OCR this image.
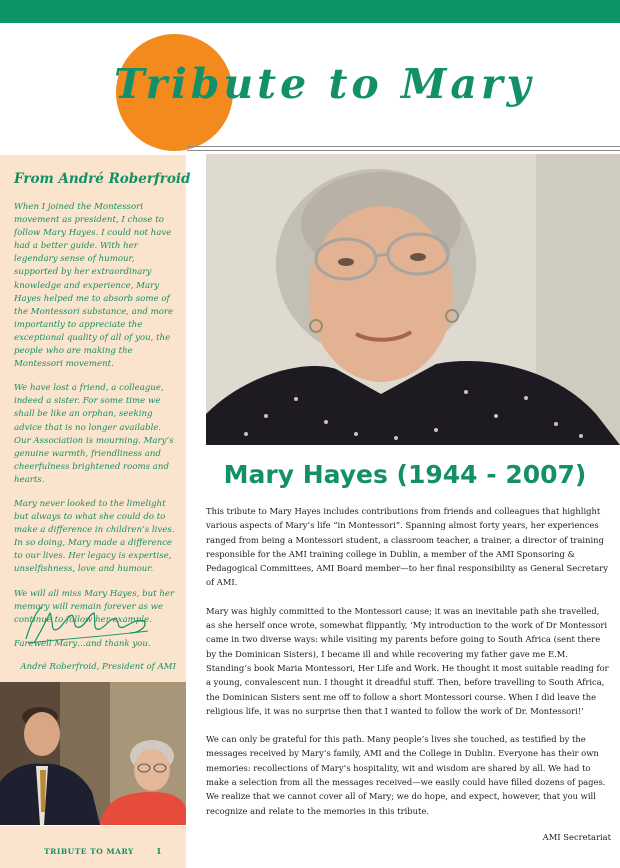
Tribute to Mary
From André Roberfroid

When I joined the Montessori movement as president, I chose to follow Mary Hayes. I could not have had a better guide. With her legendary sense of humour, supported by her extraordinary knowledge and experience, Mary Hayes helped me to absorb some of the Montessori substance, and more importantly to appreciate the exceptional quality of all of you, the people who are making the Montessori movement.

We have lost a friend, a colleague, indeed a sister. For some time we shall be like an orphan, seeking advice that is no longer available. Our Association is mourning. Mary’s genuine warmth, friendliness and cheerfulness brightened rooms and hearts.

Mary never looked to the limelight but always to what she could do to make a difference in children’s lives. In so doing, Mary made a difference to our lives. Her legacy is expertise, unselfishness, love and humour.

We will all miss Mary Hayes, but her memory will remain forever as we continue to follow her example.

Farewell Mary…and thank you.

André Roberfroid, President of AMI
TRIBUTE TO MARY	1
Mary Hayes (1944 - 2007)

This tribute to Mary Hayes includes contributions from friends and colleagues that highlight various aspects of Mary’s life “in Montessori”. Spanning almost forty years, her experiences ranged from being a Montessori student, a classroom teacher, a trainer, a director of training responsible for the AMI training college in Dublin, a member of the AMI Sponsoring & Pedagogical Committees, AMI Board member—to her final responsibility as General Secretary of AMI.

Mary was highly committed to the Montessori cause; it was an inevitable path she travelled, as she herself once wrote, somewhat flippantly, ‘My introduction to the work of Dr Montessori came in two diverse ways: while visiting my parents before going to South Africa (sent there by the Dominican Sisters), I became ill and while recovering my father gave me E.M. Standing’s book Maria Montessori, Her Life and Work. He thought it most suitable reading for a young, convalescent nun. I thought it dreadful stuff. Then, before travelling to South Africa, the Dominican Sisters sent me off to follow a short Montessori course. When I did leave the religious life, it was no surprise then that I wanted to follow the work of Dr. Montessori!’

We can only be grateful for this path. Many people’s lives she touched, as testified by the messages received by Mary’s family, AMI and the College in Dublin. Everyone has their own memories: recollections of Mary’s hospitality, wit and wisdom are shared by all. We had to make a selection from all the messages received—we easily could have filled dozens of pages. We realize that we cannot cover all of Mary; we do hope, and expect, however, that you will recognize and relate to the memories in this tribute.

AMI Secretariat
